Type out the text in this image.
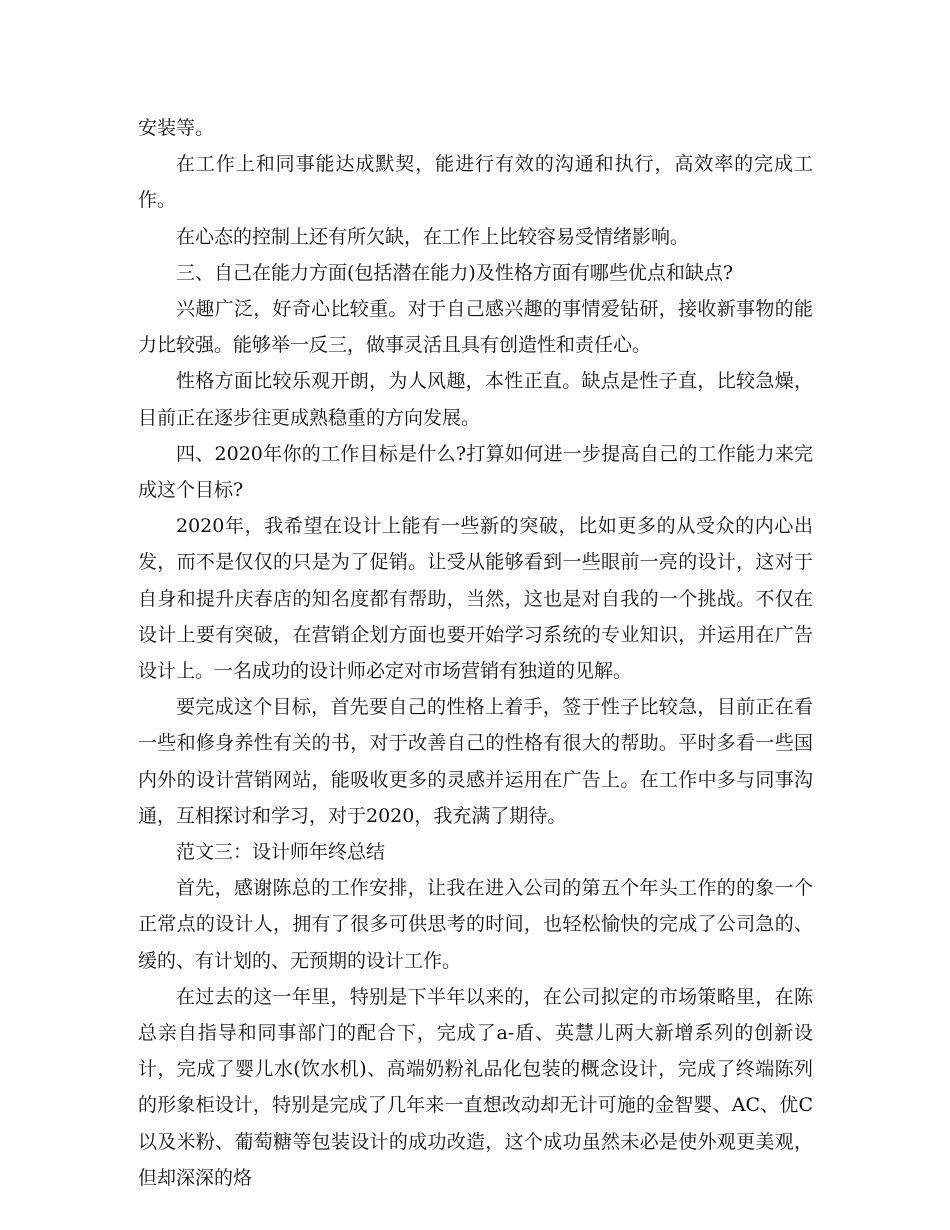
安装等。

在工作上和同事能达成默契，能进行有效的沟通和执行，高效率的完成工作。

在心态的控制上还有所欠缺，在工作上比较容易受情绪影响。

三、自己在能力方面(包括潜在能力)及性格方面有哪些优点和缺点?

兴趣广泛，好奇心比较重。对于自己感兴趣的事情爱钻研，接收新事物的能力比较强。能够举一反三，做事灵活且具有创造性和责任心。

性格方面比较乐观开朗，为人风趣，本性正直。缺点是性子直，比较急燥，目前正在逐步往更成熟稳重的方向发展。

四、2020年你的工作目标是什么?打算如何进一步提高自己的工作能力来完成这个目标?

2020年，我希望在设计上能有一些新的突破，比如更多的从受众的内心出发，而不是仅仅的只是为了促销。让受从能够看到一些眼前一亮的设计，这对于自身和提升庆春店的知名度都有帮助，当然，这也是对自我的一个挑战。不仅在设计上要有突破，在营销企划方面也要开始学习系统的专业知识，并运用在广告设计上。一名成功的设计师必定对市场营销有独道的见解。

要完成这个目标，首先要自己的性格上着手，签于性子比较急，目前正在看一些和修身养性有关的书，对于改善自己的性格有很大的帮助。平时多看一些国内外的设计营销网站，能吸收更多的灵感并运用在广告上。在工作中多与同事沟通，互相探讨和学习，对于2020，我充满了期待。

范文三：设计师年终总结

首先，感谢陈总的工作安排，让我在进入公司的第五个年头工作的的象一个正常点的设计人，拥有了很多可供思考的时间，也轻松愉快的完成了公司急的、缓的、有计划的、无预期的设计工作。

在过去的这一年里，特别是下半年以来的，在公司拟定的市场策略里，在陈总亲自指导和同事部门的配合下，完成了a-盾、英慧儿两大新增系列的创新设计，完成了婴儿水(饮水机)、高端奶粉礼品化包装的概念设计，完成了终端陈列的形象柜设计，特别是完成了几年来一直想改动却无计可施的金智婴、AC、优C以及米粉、葡萄糖等包装设计的成功改造，这个成功虽然未必是使外观更美观，但却深深的烙
